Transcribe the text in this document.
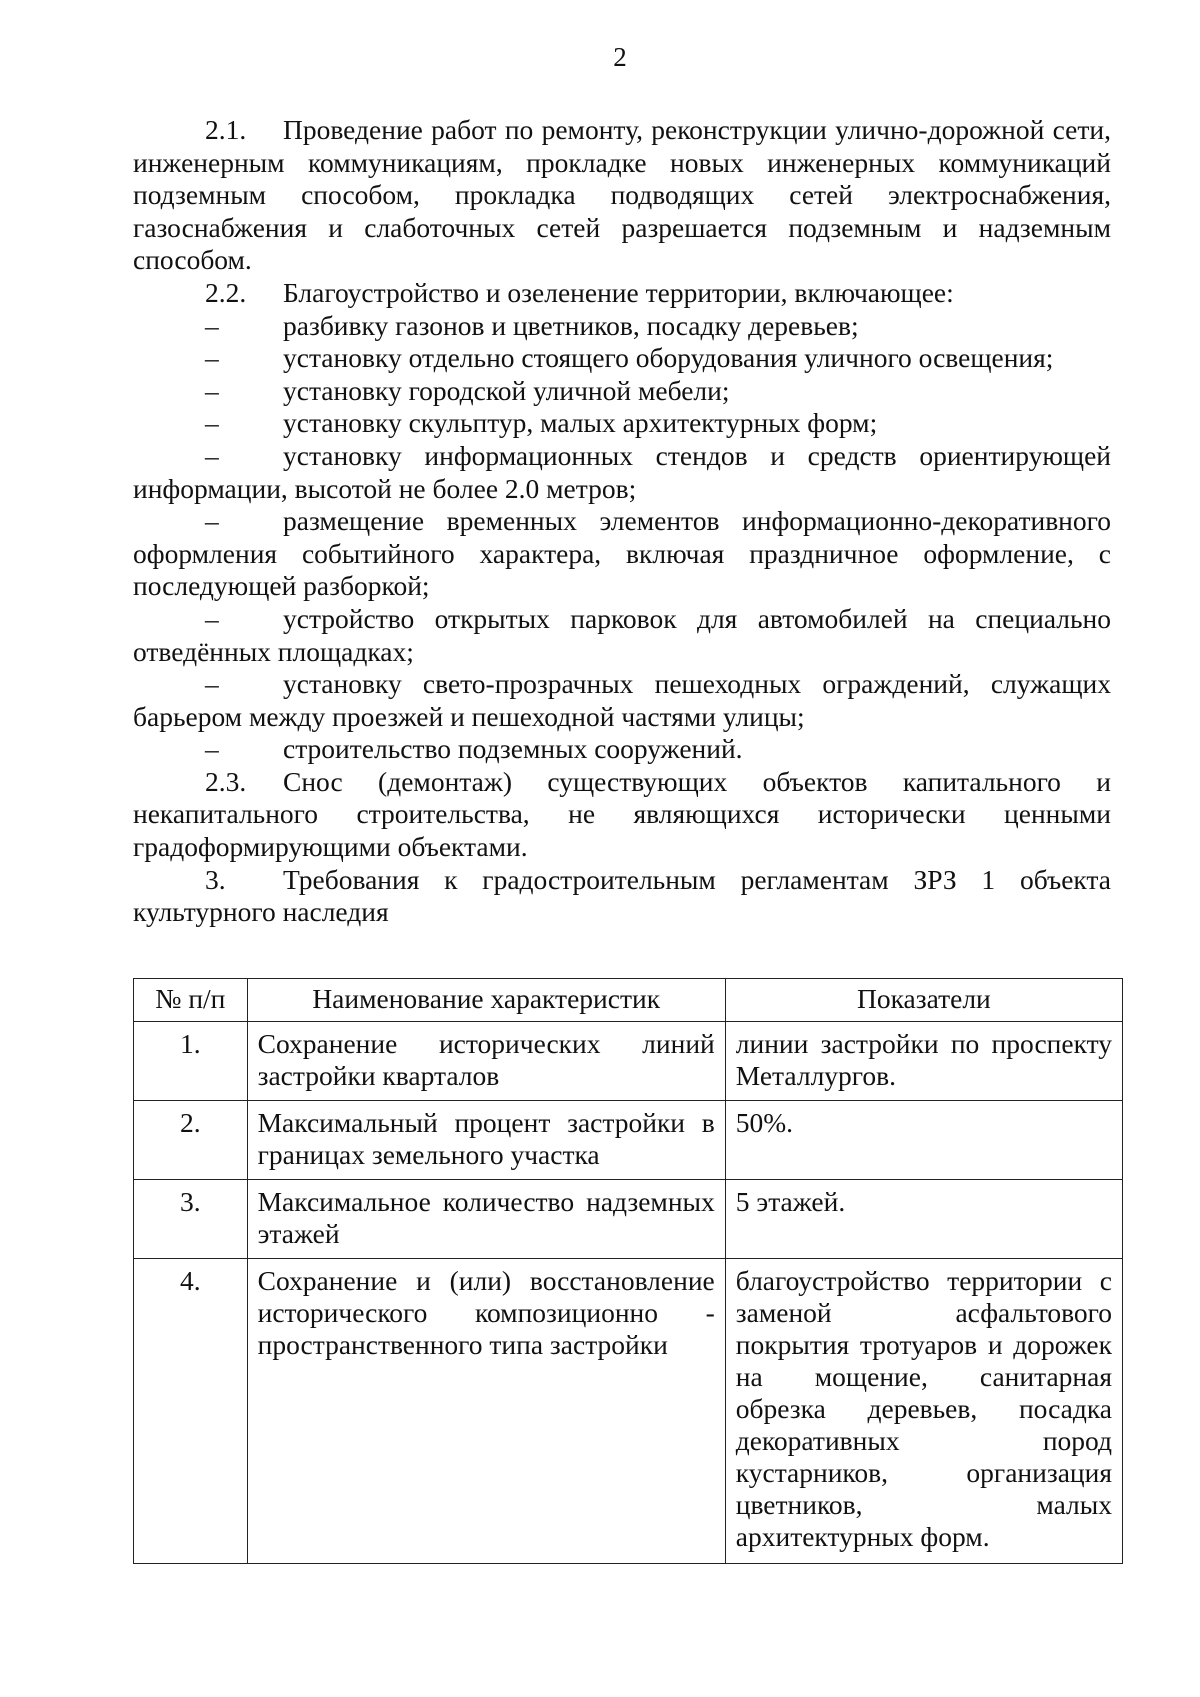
2

2.1. Проведение работ по ремонту, реконструкции улично-дорожной сети, инженерным коммуникациям, прокладке новых инженерных коммуникаций подземным способом, прокладка подводящих сетей электроснабжения, газоснабжения и слаботочных сетей разрешается подземным и надземным способом.

2.2. Благоустройство и озеленение территории, включающее:

– разбивку газонов и цветников, посадку деревьев;

– установку отдельно стоящего оборудования уличного освещения;

– установку городской уличной мебели;

– установку скульптур, малых архитектурных форм;

– установку информационных стендов и средств ориентирующей информации, высотой не более 2.0 метров;

– размещение временных элементов информационно-декоративного оформления событийного характера, включая праздничное оформление, с последующей разборкой;

– устройство открытых парковок для автомобилей на специально отведённых площадках;

– установку свето-прозрачных пешеходных ограждений, служащих барьером между проезжей и пешеходной частями улицы;

– строительство подземных сооружений.

2.3. Снос (демонтаж) существующих объектов капитального и некапитального строительства, не являющихся исторически ценными градоформирующими объектами.

3. Требования к градостроительным регламентам ЗРЗ 1 объекта культурного наследия

№ п/п	Наименование характеристик	Показатели
1.	Сохранение исторических линий застройки кварталов	линии застройки по проспекту Металлургов.
2.	Максимальный процент застройки в границах земельного участка	50%.
3.	Максимальное количество надземных этажей	5 этажей.
4.	Сохранение и (или) восстановление исторического композиционно - пространственного типа застройки	благоустройство территории с заменой асфальтового покрытия тротуаров и дорожек на мощение, санитарная обрезка деревьев, посадка декоративных пород кустарников, организация цветников, малых архитектурных форм.
